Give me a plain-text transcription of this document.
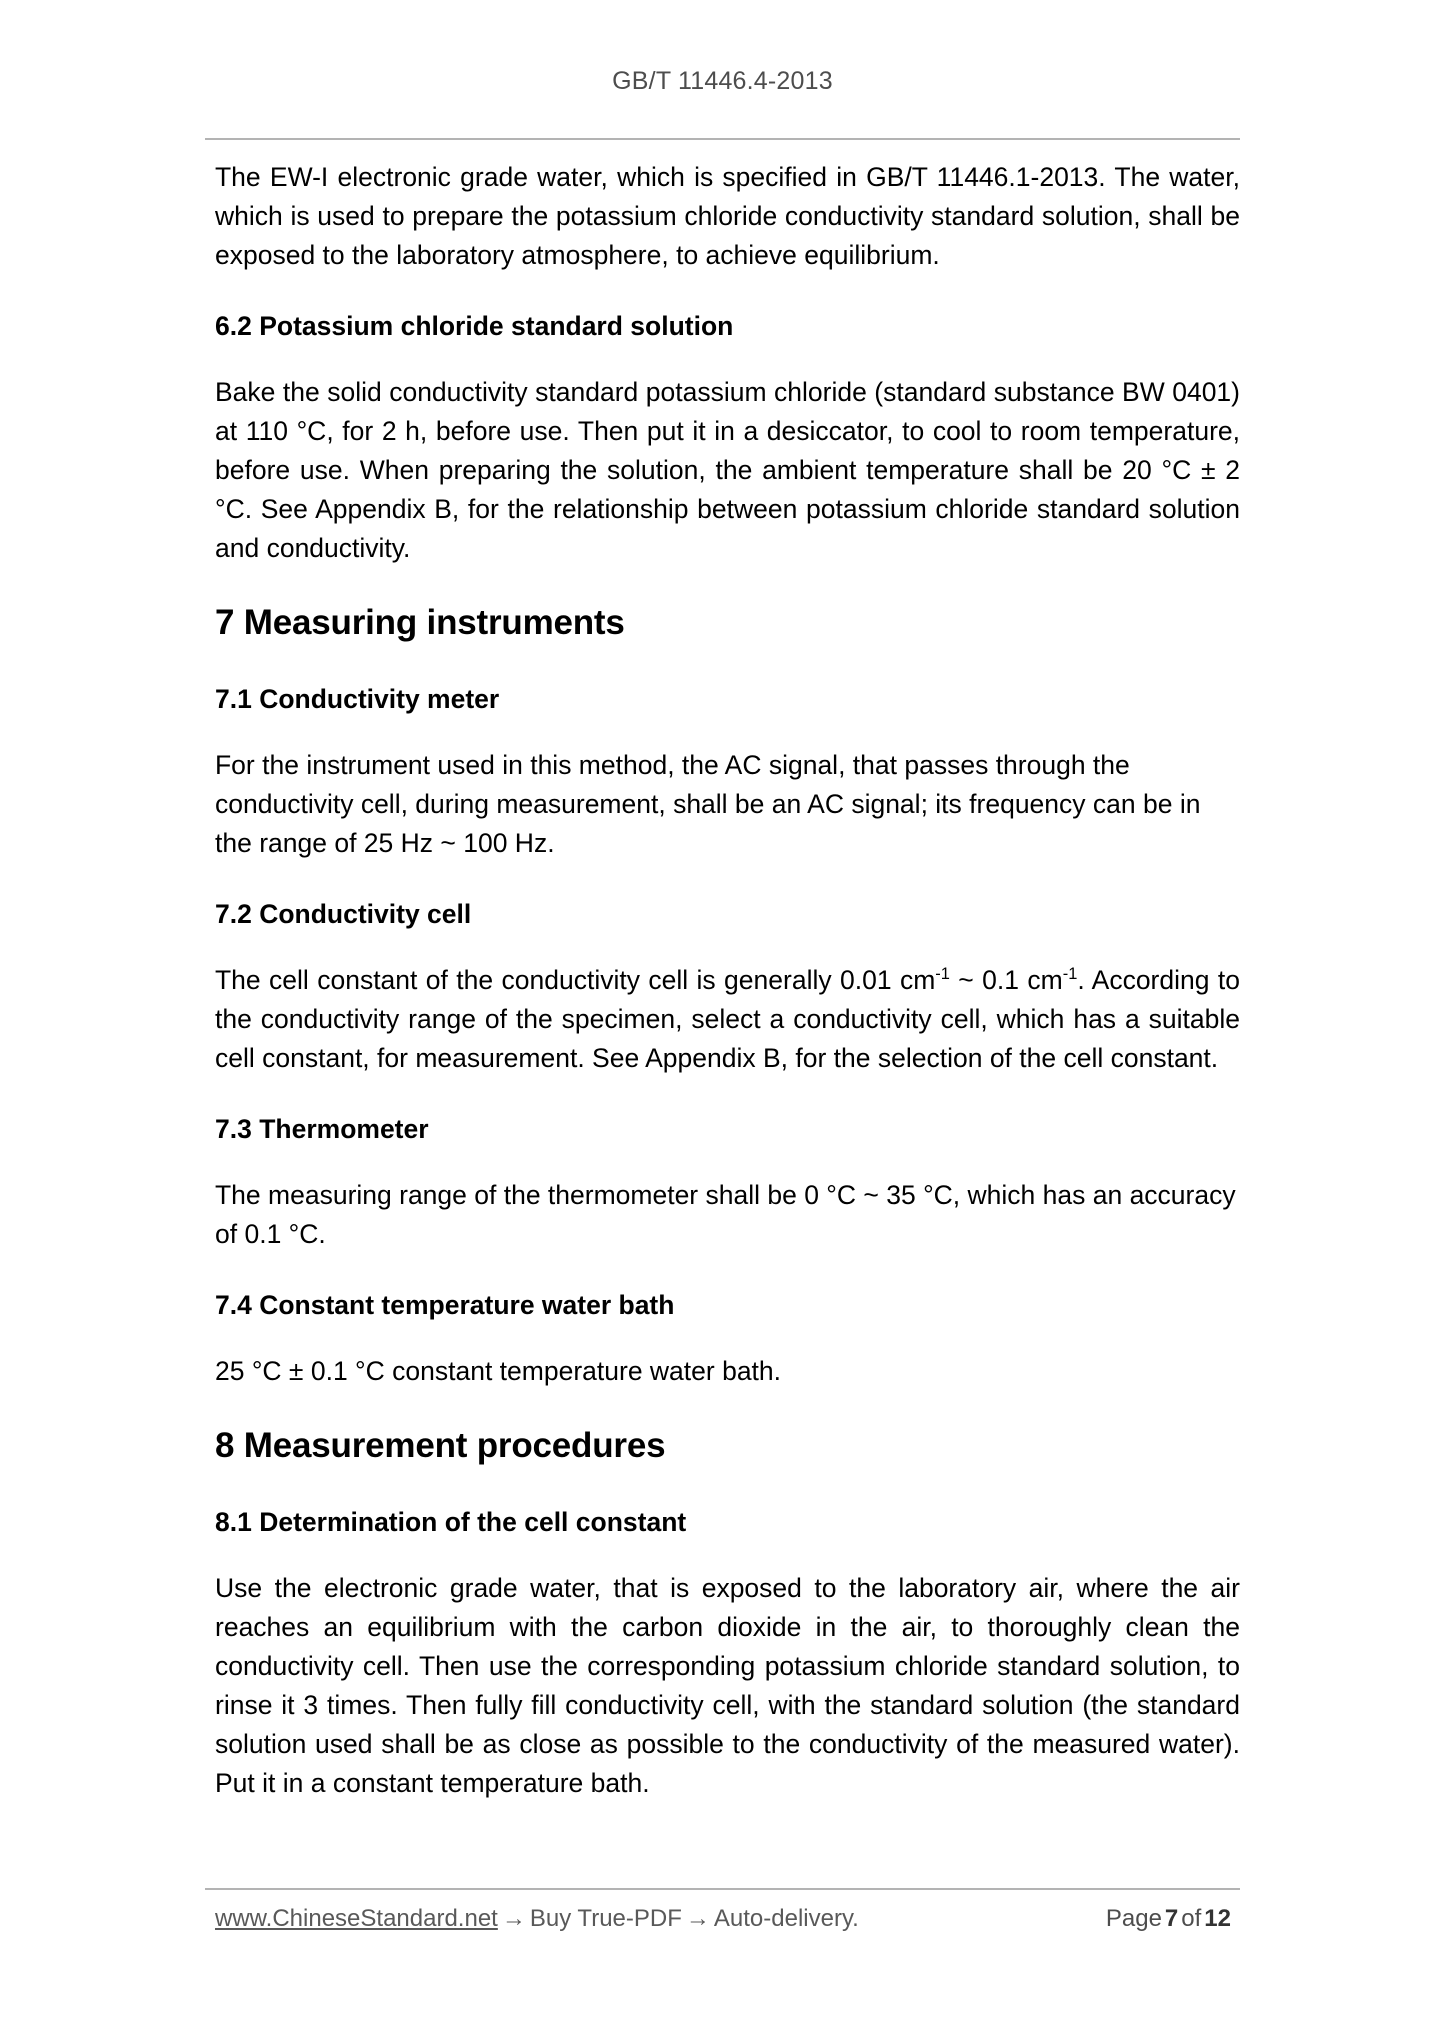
GB/T 11446.4-2013

The EW-I electronic grade water, which is specified in GB/T 11446.1-2013. The water, which is used to prepare the potassium chloride conductivity standard solution, shall be exposed to the laboratory atmosphere, to achieve equilibrium.

6.2 Potassium chloride standard solution

Bake the solid conductivity standard potassium chloride (standard substance BW 0401) at 110 °C, for 2 h, before use. Then put it in a desiccator, to cool to room temperature, before use. When preparing the solution, the ambient temperature shall be 20 °C ± 2 °C. See Appendix B, for the relationship between potassium chloride standard solution and conductivity.

7 Measuring instruments
7.1 Conductivity meter

For the instrument used in this method, the AC signal, that passes through the conductivity cell, during measurement, shall be an AC signal; its frequency can be in the range of 25 Hz ~ 100 Hz.

7.2 Conductivity cell

The cell constant of the conductivity cell is generally 0.01 $cm^{-1}$ ~ 0.1 $cm^{-1}$. According to the conductivity range of the specimen, select a conductivity cell, which has a suitable cell constant, for measurement. See Appendix B, for the selection of the cell constant.

7.3 Thermometer

The measuring range of the thermometer shall be 0 °C ~ 35 °C, which has an accuracy of 0.1 °C.

7.4 Constant temperature water bath

25 °C ± 0.1 °C constant temperature water bath.

8 Measurement procedures
8.1 Determination of the cell constant

Use the electronic grade water, that is exposed to the laboratory air, where the air reaches an equilibrium with the carbon dioxide in the air, to thoroughly clean the conductivity cell. Then use the corresponding potassium chloride standard solution, to rinse it 3 times. Then fully fill conductivity cell, with the standard solution (the standard solution used shall be as close as possible to the conductivity of the measured water). Put it in a constant temperature bath.

www.ChineseStandard.net → Buy True-PDF → Auto-delivery.	Page 7 of 12
